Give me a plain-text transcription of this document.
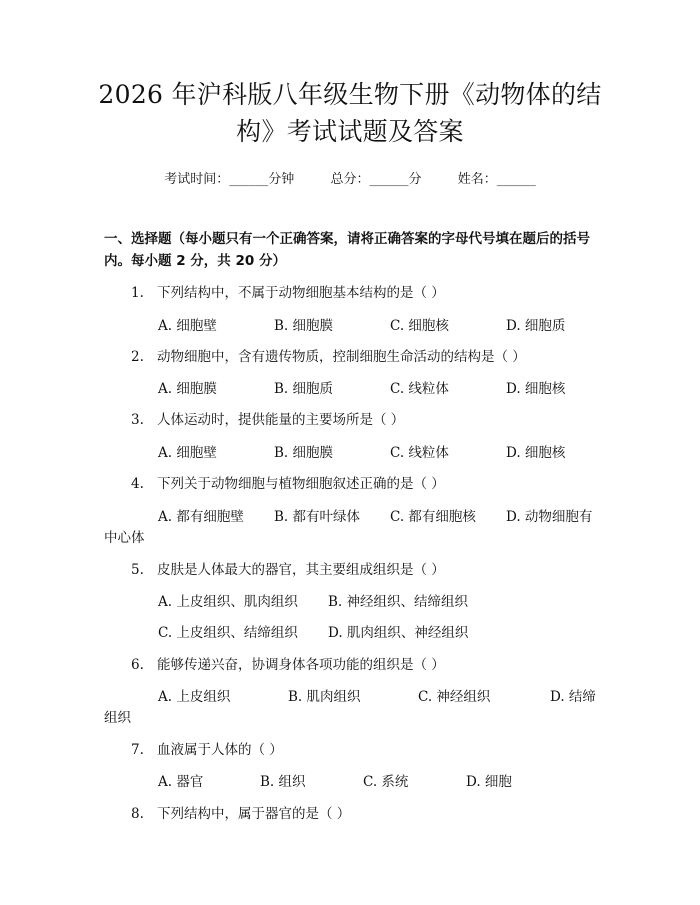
2026 年沪科版八年级生物下册《动物体的结
构》考试试题及答案
考试时间：______分钟	总分：______分	姓名：______
一、选择题（每小题只有一个正确答案，请将正确答案的字母代号填在题后的括号内。每小题 2 分，共 20 分）
1. 下列结构中，不属于动物细胞基本结构的是（ ）
A. 细胞壁	B. 细胞膜	C. 细胞核	D. 细胞质
2. 动物细胞中，含有遗传物质，控制细胞生命活动的结构是（ ）
A. 细胞膜	B. 细胞质	C. 线粒体	D. 细胞核
3. 人体运动时，提供能量的主要场所是（ ）
A. 细胞壁	B. 细胞膜	C. 线粒体	D. 细胞核
4. 下列关于动物细胞与植物细胞叙述正确的是（ ）
A. 都有细胞壁 B. 都有叶绿体 C. 都有细胞核 D. 动物细胞有
中心体
5. 皮肤是人体最大的器官，其主要组成组织是（ ）
A. 上皮组织、肌肉组织 B. 神经组织、结缔组织
C. 上皮组织、结缔组织 D. 肌肉组织、神经组织
6. 能够传递兴奋，协调身体各项功能的组织是（ ）
A. 上皮组织	B. 肌肉组织	C. 神经组织	D. 结缔
组织
7. 血液属于人体的（ ）
A. 器官	B. 组织	C. 系统	D. 细胞
8. 下列结构中，属于器官的是（ ）
